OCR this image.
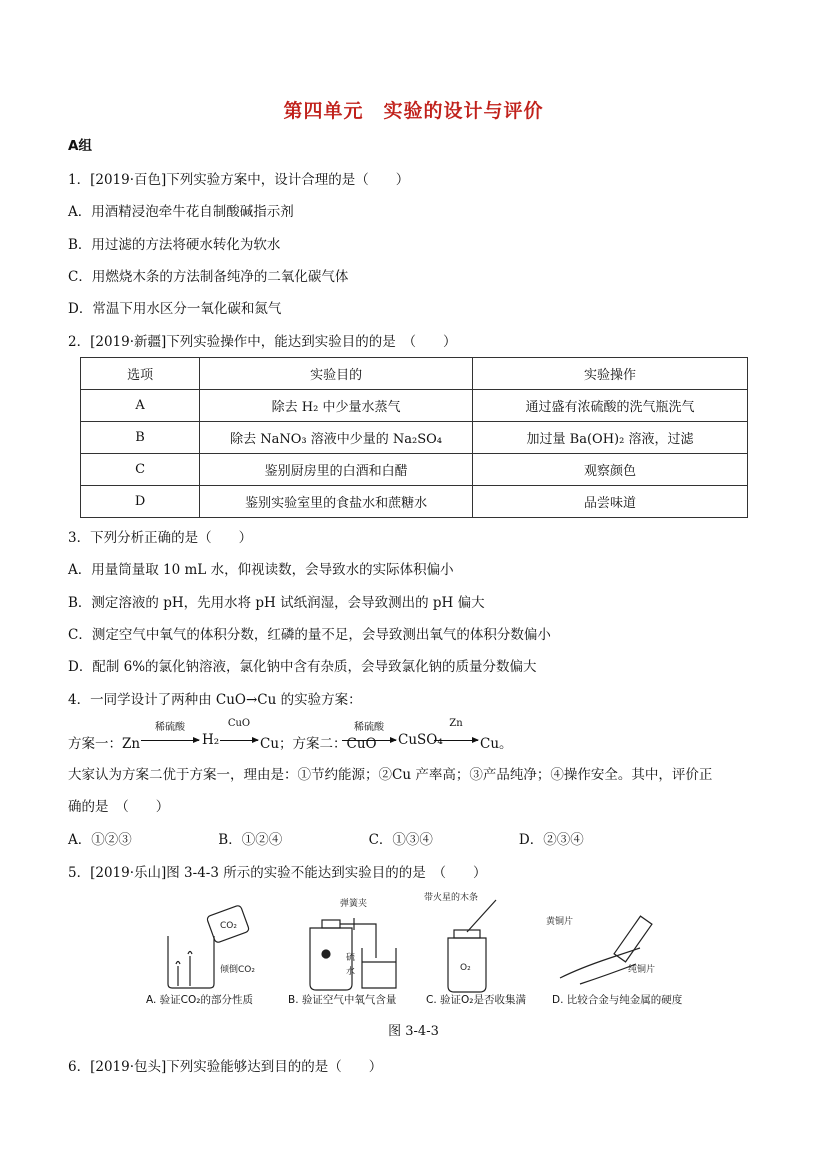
第四单元　实验的设计与评价
A组
1．[2019·百色]下列实验方案中，设计合理的是（　　）
A．用酒精浸泡牵牛花自制酸碱指示剂
B．用过滤的方法将硬水转化为软水
C．用燃烧木条的方法制备纯净的二氧化碳气体
D．常温下用水区分一氧化碳和氮气
2．[2019·新疆]下列实验操作中，能达到实验目的的是　（　　）
选项	实验目的	实验操作
A	除去 H₂ 中少量水蒸气	通过盛有浓硫酸的洗气瓶洗气
B	除去 NaNO₃ 溶液中少量的 Na₂SO₄	加过量 Ba(OH)₂ 溶液，过滤
C	鉴别厨房里的白酒和白醋	观察颜色
D	鉴别实验室里的食盐水和蔗糖水	品尝味道
3．下列分析正确的是（　　）
A．用量筒量取 10 mL 水，仰视读数，会导致水的实际体积偏小
B．测定溶液的 pH，先用水将 pH 试纸润湿，会导致测出的 pH 偏大
C．测定空气中氧气的体积分数，红磷的量不足，会导致测出氧气的体积分数偏小
D．配制 6%的氯化钠溶液，氯化钠中含有杂质，会导致氯化钠的质量分数偏大
4．一同学设计了两种由 CuO→Cu 的实验方案：
方案一：Zn
稀硫酸
H₂
CuO
→ Cu；方案二：CuO
稀硫酸
→ CuSO₄
Zn
→ Cu。
大家认为方案二优于方案一，理由是：①节约能源；②Cu 产率高；③产品纯净；④操作安全。其中，评价正
确的是　（　　）
A．①②③	B．①②④	C．①③④	D．②③④
5．[2019·乐山]图 3-4-3 所示的实验不能达到实验目的的是　（　　）
CO₂
倾倒CO₂
弹簧夹
硫
水
带火星的木条
O₂
黄铜片
纯铜片
A. 验证CO₂的部分性质	B. 验证空气中氧气含量	C. 验证O₂是否收集满 D. 比较合金与纯金属的硬度
图 3-4-3
6．[2019·包头]下列实验能够达到目的的是（　　）
